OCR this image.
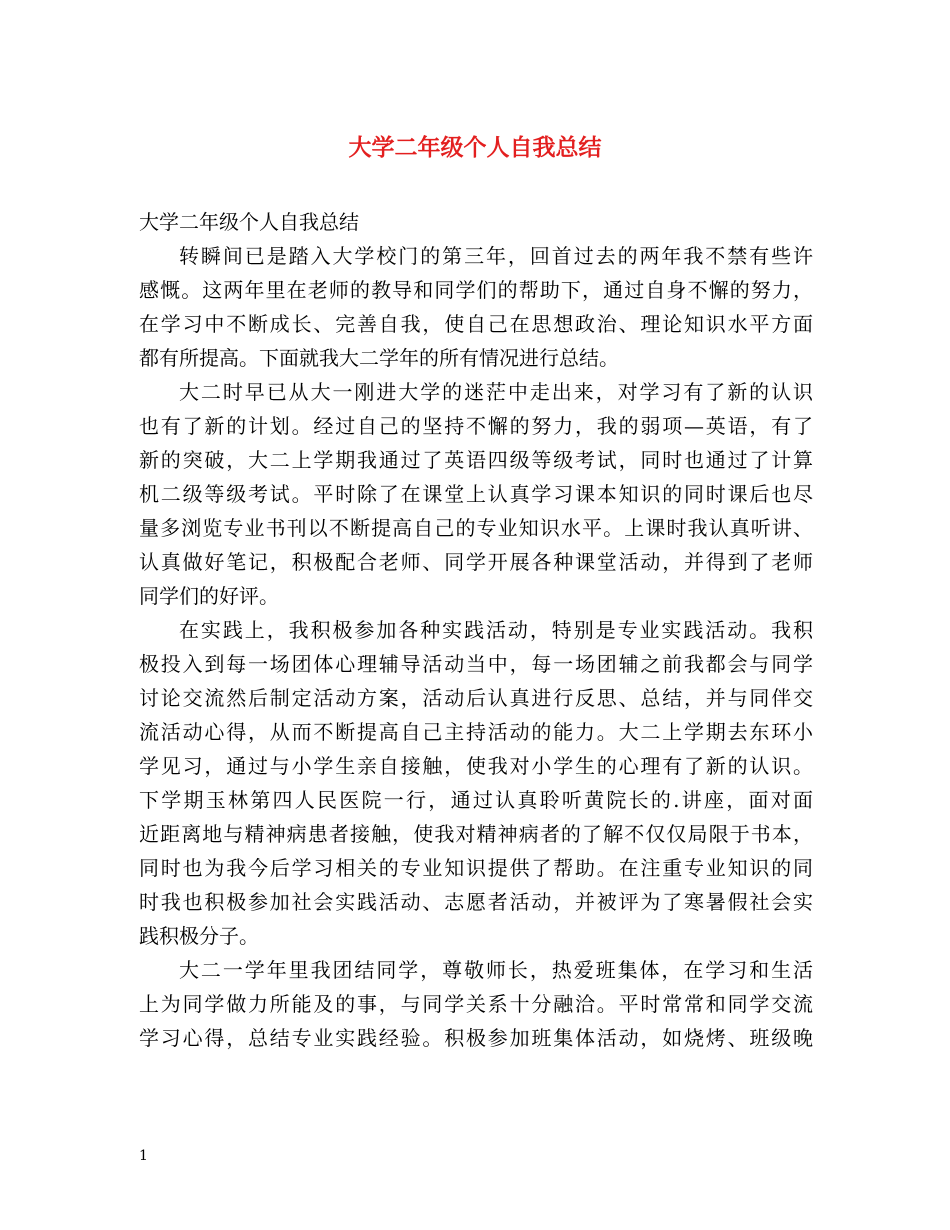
大学二年级个人自我总结

大学二年级个人自我总结

转瞬间已是踏入大学校门的第三年，回首过去的两年我不禁有些许
感慨。这两年里在老师的教导和同学们的帮助下，通过自身不懈的努力，
在学习中不断成长、完善自我，使自己在思想政治、理论知识水平方面
都有所提高。下面就我大二学年的所有情况进行总结。
大二时早已从大一刚进大学的迷茫中走出来，对学习有了新的认识
也有了新的计划。经过自己的坚持不懈的努力，我的弱项—英语，有了
新的突破，大二上学期我通过了英语四级等级考试，同时也通过了计算
机二级等级考试。平时除了在课堂上认真学习课本知识的同时课后也尽
量多浏览专业书刊以不断提高自己的专业知识水平。上课时我认真听讲、
认真做好笔记，积极配合老师、同学开展各种课堂活动，并得到了老师
同学们的好评。
在实践上，我积极参加各种实践活动，特别是专业实践活动。我积
极投入到每一场团体心理辅导活动当中，每一场团辅之前我都会与同学
讨论交流然后制定活动方案，活动后认真进行反思、总结，并与同伴交
流活动心得，从而不断提高自己主持活动的能力。大二上学期去东环小
学见习，通过与小学生亲自接触，使我对小学生的心理有了新的认识。
下学期玉林第四人民医院一行，通过认真聆听黄院长的.讲座，面对面
近距离地与精神病患者接触，使我对精神病者的了解不仅仅局限于书本，
同时也为我今后学习相关的专业知识提供了帮助。在注重专业知识的同
时我也积极参加社会实践活动、志愿者活动，并被评为了寒暑假社会实
践积极分子。
大二一学年里我团结同学，尊敬师长，热爱班集体，在学习和生活
上为同学做力所能及的事，与同学关系十分融洽。平时常常和同学交流
学习心得，总结专业实践经验。积极参加班集体活动，如烧烤、班级晚
1
